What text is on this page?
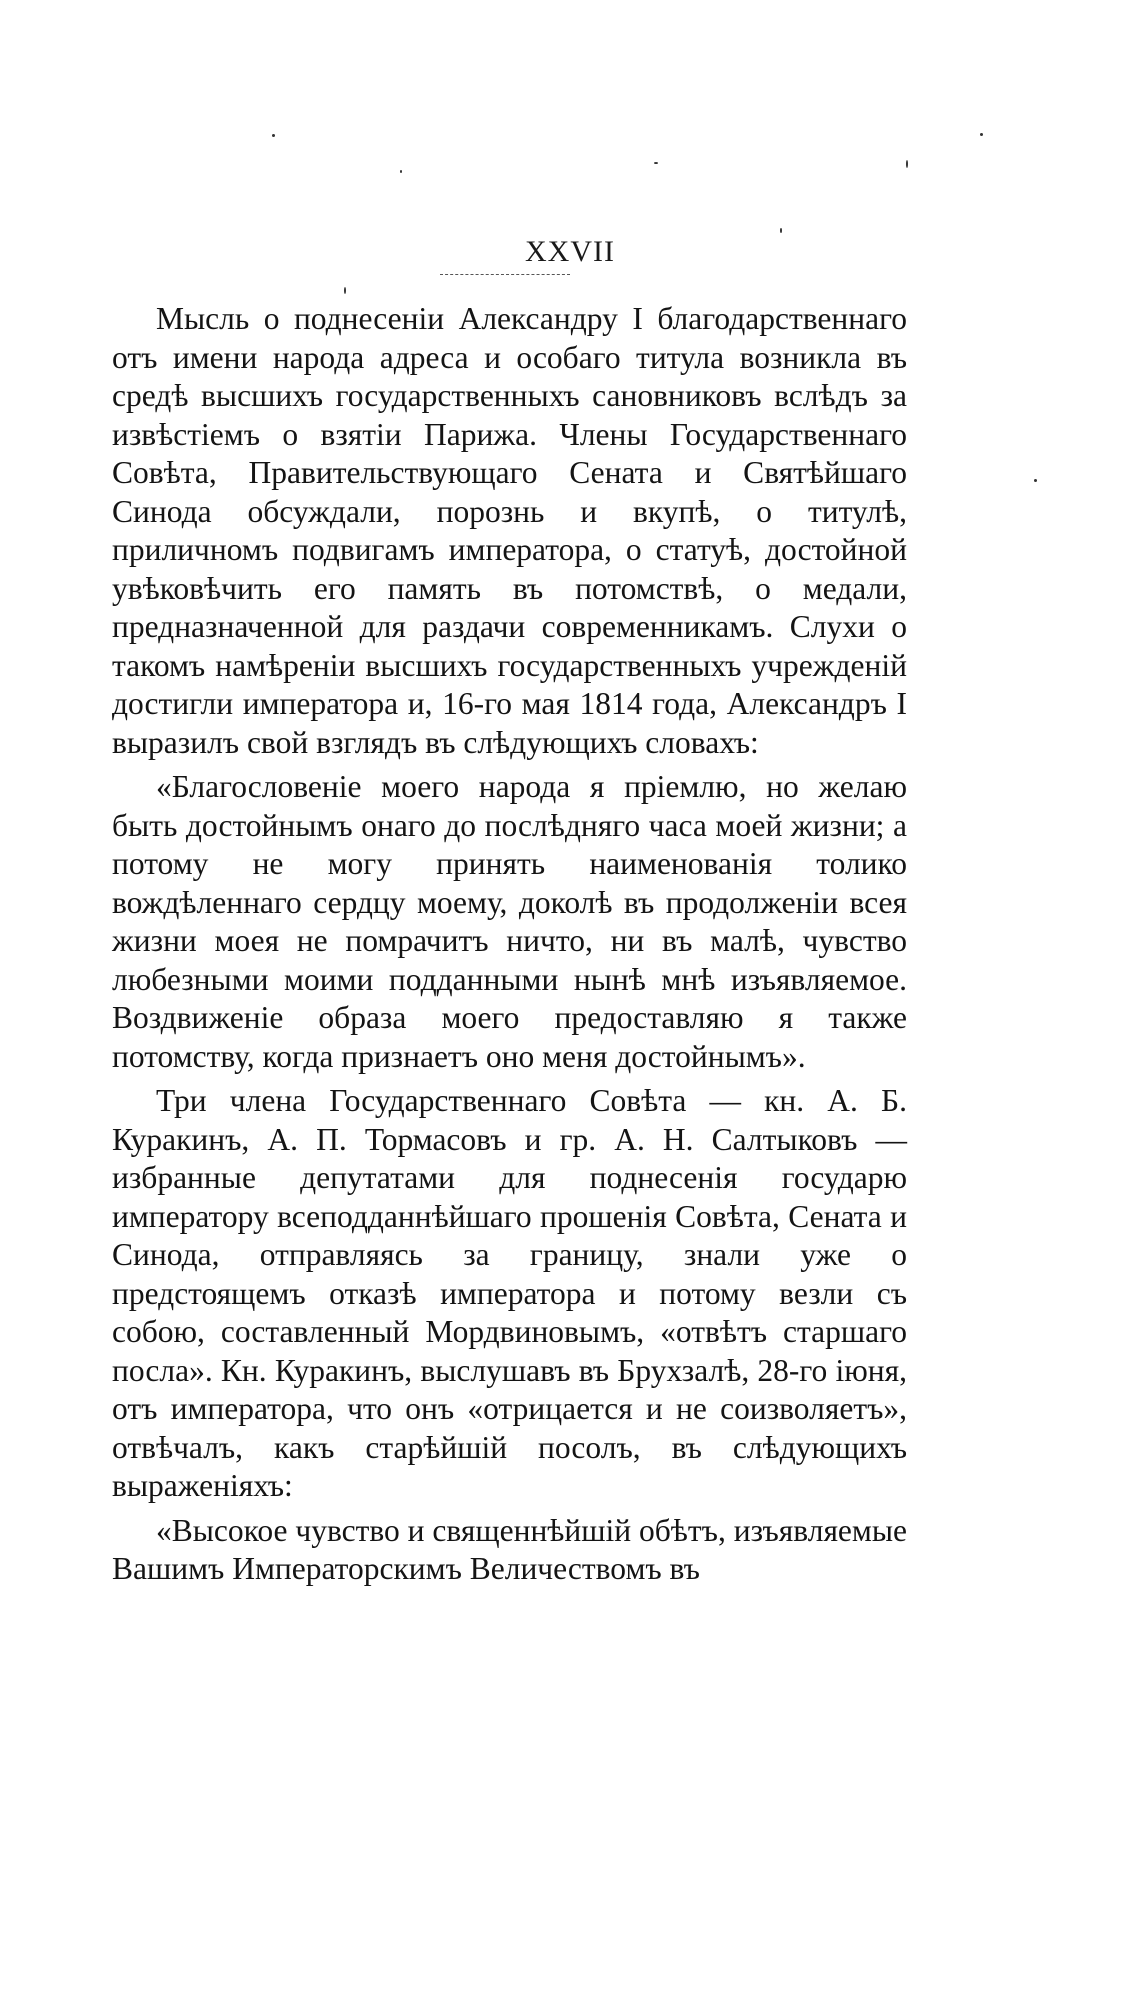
XXVII

Мысль о поднесеніи Александру I благодарственнаго отъ имени народа адреса и особаго титула возникла въ средѣ высшихъ государственныхъ сановниковъ вслѣдъ за извѣстіемъ о взятіи Парижа. Члены Государственнаго Совѣта, Правительствующаго Сената и Святѣйшаго Синода обсуждали, порознь и вкупѣ, о титулѣ, приличномъ подвигамъ императора, о статуѣ, достойной увѣковѣчить его память въ потомствѣ, о медали, предназначенной для раздачи современникамъ. Слухи о такомъ намѣреніи высшихъ государственныхъ учрежденій достигли императора и, 16-го мая 1814 года, Александръ I выразилъ свой взглядъ въ слѣдующихъ словахъ:

«Благословеніе моего народа я пріемлю, но желаю быть достойнымъ онаго до послѣдняго часа моей жизни; а потому не могу принять наименованія толико вождѣленнаго сердцу моему, доколѣ въ продолженіи всея жизни моея не помрачитъ ничто, ни въ малѣ, чувство любезными моими подданными нынѣ мнѣ изъявляемое. Воздвиженіе образа моего предоставляю я также потомству, когда признаетъ оно меня достойнымъ».

Три члена Государственнаго Совѣта — кн. А. Б. Куракинъ, А. П. Тормасовъ и гр. А. Н. Салтыковъ — избранные депутатами для поднесенія государю императору всеподданнѣйшаго прошенія Совѣта, Сената и Синода, отправляясь за границу, знали уже о предстоящемъ отказѣ императора и потому везли съ собою, составленный Мордвиновымъ, «отвѣтъ старшаго посла». Кн. Куракинъ, выслушавъ въ Брухзалѣ, 28-го іюня, отъ императора, что онъ «отрицается и не соизволяетъ», отвѣчалъ, какъ старѣйшій посолъ, въ слѣдующихъ выраженіяхъ:

«Высокое чувство и священнѣйшій обѣтъ, изъявляемые Вашимъ Императорскимъ Величествомъ въ
